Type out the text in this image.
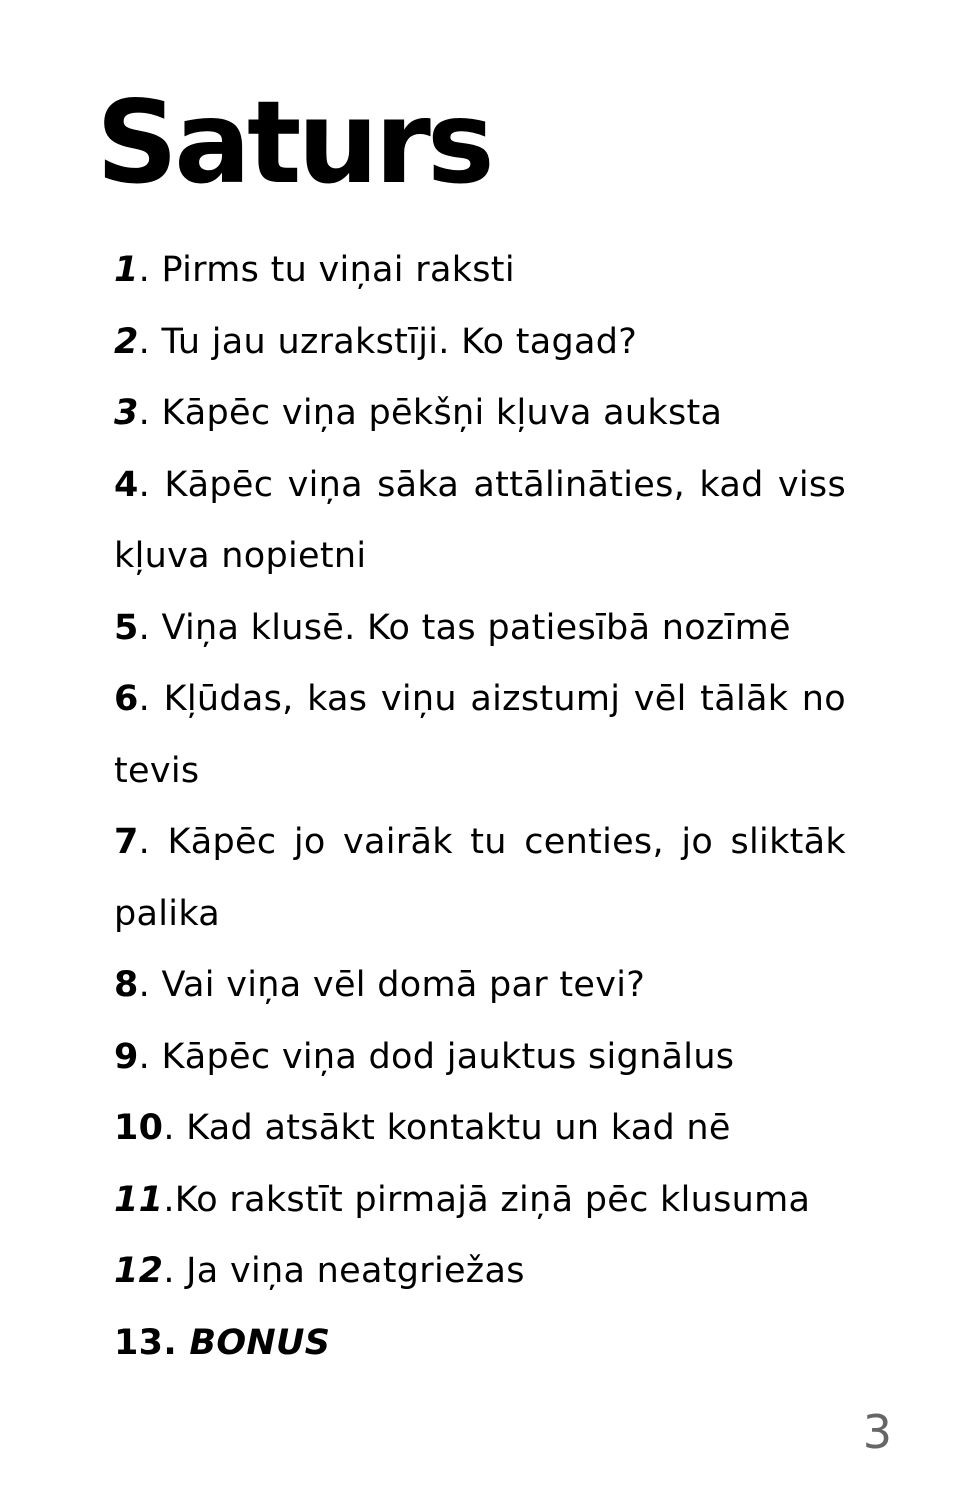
Saturs
1. Pirms tu viņai raksti
2. Tu jau uzrakstīji. Ko tagad?
3. Kāpēc viņa pēkšņi kļuva auksta
4. Kāpēc viņa sāka attālināties, kad viss kļuva nopietni
5. Viņa klusē. Ko tas patiesībā nozīmē
6. Kļūdas, kas viņu aizstumj vēl tālāk no tevis
7. Kāpēc jo vairāk tu centies, jo sliktāk palika
8. Vai viņa vēl domā par tevi?
9. Kāpēc viņa dod jauktus signālus
10. Kad atsākt kontaktu un kad nē
11.Ko rakstīt pirmajā ziņā pēc klusuma
12. Ja viņa neatgriežas
13. BONUS
3
